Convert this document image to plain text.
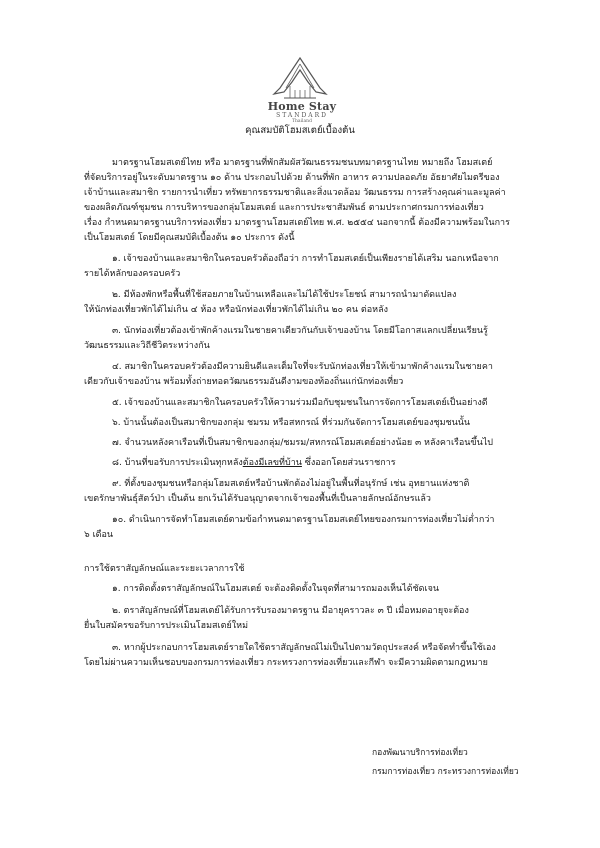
Home Stay
STANDARD
Thailand
คุณสมบัติโฮมสเตย์เบื้องต้น

มาตรฐานโฮมสเตย์ไทย หรือ มาตรฐานที่พักสัมผัสวัฒนธรรมชนบทมาตรฐานไทย หมายถึง โฮมสเตย์

ที่จัดบริการอยู่ในระดับมาตรฐาน ๑๐ ด้าน ประกอบไปด้วย ด้านที่พัก อาหาร ความปลอดภัย อัธยาศัยไมตรีของ

เจ้าบ้านและสมาชิก รายการนำเที่ยว ทรัพยากรธรรมชาติและสิ่งแวดล้อม วัฒนธรรม การสร้างคุณค่าและมูลค่า

ของผลิตภัณฑ์ชุมชน การบริหารของกลุ่มโฮมสเตย์ และการประชาสัมพันธ์ ตามประกาศกรมการท่องเที่ยว

เรื่อง กำหนดมาตรฐานบริการท่องเที่ยว มาตรฐานโฮมสเตย์ไทย พ.ศ. ๒๕๕๔ นอกจากนี้ ต้องมีความพร้อมในการ

เป็นโฮมสเตย์ โดยมีคุณสมบัติเบื้องต้น ๑๐ ประการ ดังนี้

๑. เจ้าของบ้านและสมาชิกในครอบครัวต้องถือว่า การทำโฮมสเตย์เป็นเพียงรายได้เสริม นอกเหนือจาก

รายได้หลักของครอบครัว

๒. มีห้องพักหรือพื้นที่ใช้สอยภายในบ้านเหลือและไม่ได้ใช้ประโยชน์ สามารถนำมาดัดแปลง

ให้นักท่องเที่ยวพักได้ไม่เกิน ๔ ห้อง หรือนักท่องเที่ยวพักได้ไม่เกิน ๒๐ คน ต่อหลัง

๓. นักท่องเที่ยวต้องเข้าพักค้างแรมในชายคาเดียวกันกับเจ้าของบ้าน โดยมีโอกาสแลกเปลี่ยนเรียนรู้

วัฒนธรรมและวิถีชีวิตระหว่างกัน

๔. สมาชิกในครอบครัวต้องมีความยินดีและเต็มใจที่จะรับนักท่องเที่ยวให้เข้ามาพักค้างแรมในชายคา

เดียวกับเจ้าของบ้าน พร้อมทั้งถ่ายทอดวัฒนธรรมอันดีงามของท้องถิ่นแก่นักท่องเที่ยว

๕. เจ้าของบ้านและสมาชิกในครอบครัวให้ความร่วมมือกับชุมชนในการจัดการโฮมสเตย์เป็นอย่างดี

๖. บ้านนั้นต้องเป็นสมาชิกของกลุ่ม ชมรม หรือสหกรณ์ ที่ร่วมกันจัดการโฮมสเตย์ของชุมชนนั้น

๗. จำนวนหลังคาเรือนที่เป็นสมาชิกของกลุ่ม/ชมรม/สหกรณ์โฮมสเตย์อย่างน้อย ๓ หลังคาเรือนขึ้นไป

๘. บ้านที่ขอรับการประเมินทุกหลังต้องมีเลขที่บ้าน ซึ่งออกโดยส่วนราชการ

๙. ที่ตั้งของชุมชนหรือกลุ่มโฮมสเตย์หรือบ้านพักต้องไม่อยู่ในพื้นที่อนุรักษ์ เช่น อุทยานแห่งชาติ

เขตรักษาพันธุ์สัตว์ป่า เป็นต้น ยกเว้นได้รับอนุญาตจากเจ้าของพื้นที่เป็นลายลักษณ์อักษรแล้ว

๑๐. ดำเนินการจัดทำโฮมสเตย์ตามข้อกำหนดมาตรฐานโฮมสเตย์ไทยของกรมการท่องเที่ยวไม่ต่ำกว่า

๖ เดือน

การใช้ตราสัญลักษณ์และระยะเวลาการใช้

๑. การติดตั้งตราสัญลักษณ์ในโฮมสเตย์ จะต้องติดตั้งในจุดที่สามารถมองเห็นได้ชัดเจน

๒. ตราสัญลักษณ์ที่โฮมสเตย์ได้รับการรับรองมาตรฐาน มีอายุคราวละ ๓ ปี เมื่อหมดอายุจะต้อง

ยื่นใบสมัครขอรับการประเมินโฮมสเตย์ใหม่

๓. หากผู้ประกอบการโฮมสเตย์รายใดใช้ตราสัญลักษณ์ไม่เป็นไปตามวัตถุประสงค์ หรือจัดทำขึ้นใช้เอง

โดยไม่ผ่านความเห็นชอบของกรมการท่องเที่ยว กระทรวงการท่องเที่ยวและกีฬา จะมีความผิดตามกฎหมาย

กองพัฒนาบริการท่องเที่ยว
กรมการท่องเที่ยว กระทรวงการท่องเที่ยว
